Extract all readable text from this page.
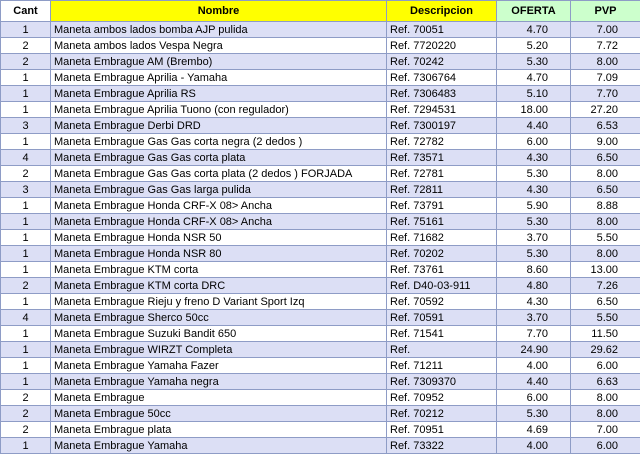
Cant	Nombre	Descripcion	OFERTA	PVP
1	Maneta ambos lados bomba AJP pulida	Ref. 70051	4.70	7.00
2	Maneta ambos lados Vespa Negra	Ref. 7720220	5.20	7.72
2	Maneta Embrague AM (Brembo)	Ref. 70242	5.30	8.00
1	Maneta Embrague Aprilia - Yamaha	Ref. 7306764	4.70	7.09
1	Maneta Embrague Aprilia RS	Ref. 7306483	5.10	7.70
1	Maneta Embrague Aprilia Tuono (con regulador)	Ref. 7294531	18.00	27.20
3	Maneta Embrague Derbi DRD	Ref. 7300197	4.40	6.53
1	Maneta Embrague Gas Gas corta negra (2 dedos )	Ref. 72782	6.00	9.00
4	Maneta Embrague Gas Gas corta plata	Ref. 73571	4.30	6.50
2	Maneta Embrague Gas Gas corta plata (2 dedos ) FORJADA	Ref. 72781	5.30	8.00
3	Maneta Embrague Gas Gas larga pulida	Ref. 72811	4.30	6.50
1	Maneta Embrague Honda CRF-X 08> Ancha	Ref. 73791	5.90	8.88
1	Maneta Embrague Honda CRF-X 08> Ancha	Ref. 75161	5.30	8.00
1	Maneta Embrague Honda NSR 50	Ref. 71682	3.70	5.50
1	Maneta Embrague Honda NSR 80	Ref. 70202	5.30	8.00
1	Maneta Embrague KTM corta	Ref. 73761	8.60	13.00
2	Maneta Embrague KTM corta DRC	Ref. D40-03-911	4.80	7.26
1	Maneta Embrague Rieju y freno D Variant Sport Izq	Ref. 70592	4.30	6.50
4	Maneta Embrague Sherco 50cc	Ref. 70591	3.70	5.50
1	Maneta Embrague Suzuki Bandit 650	Ref. 71541	7.70	11.50
1	Maneta Embrague WIRZT Completa	Ref.	24.90	29.62
1	Maneta Embrague Yamaha Fazer	Ref. 71211	4.00	6.00
1	Maneta Embrague Yamaha negra	Ref. 7309370	4.40	6.63
2	Maneta Embrague	Ref. 70952	6.00	8.00
2	Maneta Embrague 50cc	Ref. 70212	5.30	8.00
2	Maneta Embrague plata	Ref. 70951	4.69	7.00
1	Maneta Embrague Yamaha	Ref. 73322	4.00	6.00
